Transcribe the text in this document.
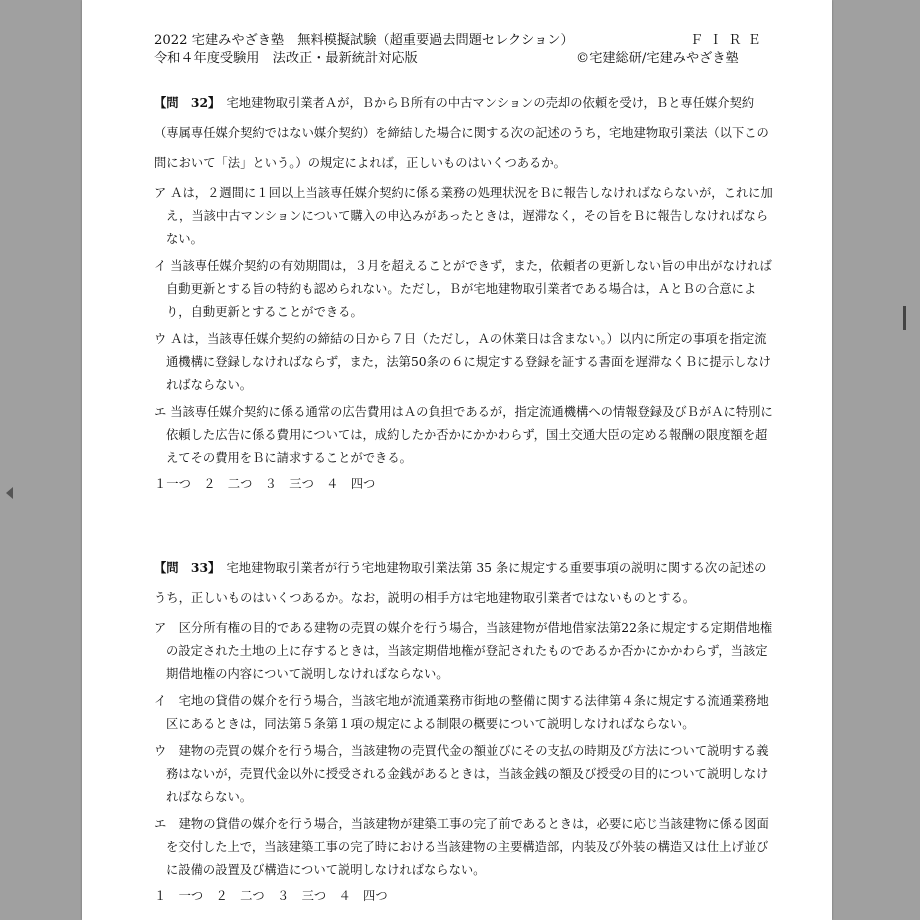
2022 宅建みやざき塾　無料模擬試験（超重要過去問題セレクション）	ＦＩＲＥ
令和４年度受験用　法改正・最新統計対応版	©宅建総研/宅建みやざき塾

【問　32】　 宅地建物取引業者Ａが，ＢからＢ所有の中古マンションの売却の依頼を受け，Ｂと専任媒介契約（専属専任媒介契約ではない媒介契約）を締結した場合に関する次の記述のうち，宅地建物取引業法（以下この問において「法」という。）の規定によれば，正しいものはいくつあるか。

ア Ａは，２週間に１回以上当該専任媒介契約に係る業務の処理状況をＢに報告しなければならないが，これに加え，当該中古マンションについて購入の申込みがあったときは，遅滞なく，その旨をＢに報告しなければならない。

イ 当該専任媒介契約の有効期間は，３月を超えることができず，また，依頼者の更新しない旨の申出がなければ自動更新とする旨の特約も認められない。ただし，Ｂが宅地建物取引業者である場合は，ＡとＢの合意により，自動更新とすることができる。

ウ Ａは，当該専任媒介契約の締結の日から７日（ただし，Ａの休業日は含まない。）以内に所定の事項を指定流通機構に登録しなければならず，また，法第50条の６に規定する登録を証する書面を遅滞なくＢに提示しなければならない。

エ 当該専任媒介契約に係る通常の広告費用はＡの負担であるが，指定流通機構への情報登録及びＢがＡに特別に依頼した広告に係る費用については，成約したか否かにかかわらず，国土交通大臣の定める報酬の限度額を超えてその費用をＢに請求することができる。

１一つ　２　二つ　３　三つ　４　四つ

【問　33】　 宅地建物取引業者が行う宅地建物取引業法第 35 条に規定する重要事項の説明に関する次の記述のうち，正しいものはいくつあるか。なお，説明の相手方は宅地建物取引業者ではないものとする。

ア　区分所有権の目的である建物の売買の媒介を行う場合，当該建物が借地借家法第22条に規定する定期借地権の設定された土地の上に存するときは，当該定期借地権が登記されたものであるか否かにかかわらず，当該定期借地権の内容について説明しなければならない。

イ　宅地の貸借の媒介を行う場合，当該宅地が流通業務市街地の整備に関する法律第４条に規定する流通業務地区にあるときは，同法第５条第１項の規定による制限の概要について説明しなければならない。

ウ　建物の売買の媒介を行う場合，当該建物の売買代金の額並びにその支払の時期及び方法について説明する義務はないが，売買代金以外に授受される金銭があるときは，当該金銭の額及び授受の目的について説明しなければならない。

エ　建物の貸借の媒介を行う場合，当該建物が建築工事の完了前であるときは，必要に応じ当該建物に係る図面を交付した上で，当該建築工事の完了時における当該建物の主要構造部，内装及び外装の構造又は仕上げ並びに設備の設置及び構造について説明しなければならない。

１　一つ　２　二つ　３　三つ　４　四つ
